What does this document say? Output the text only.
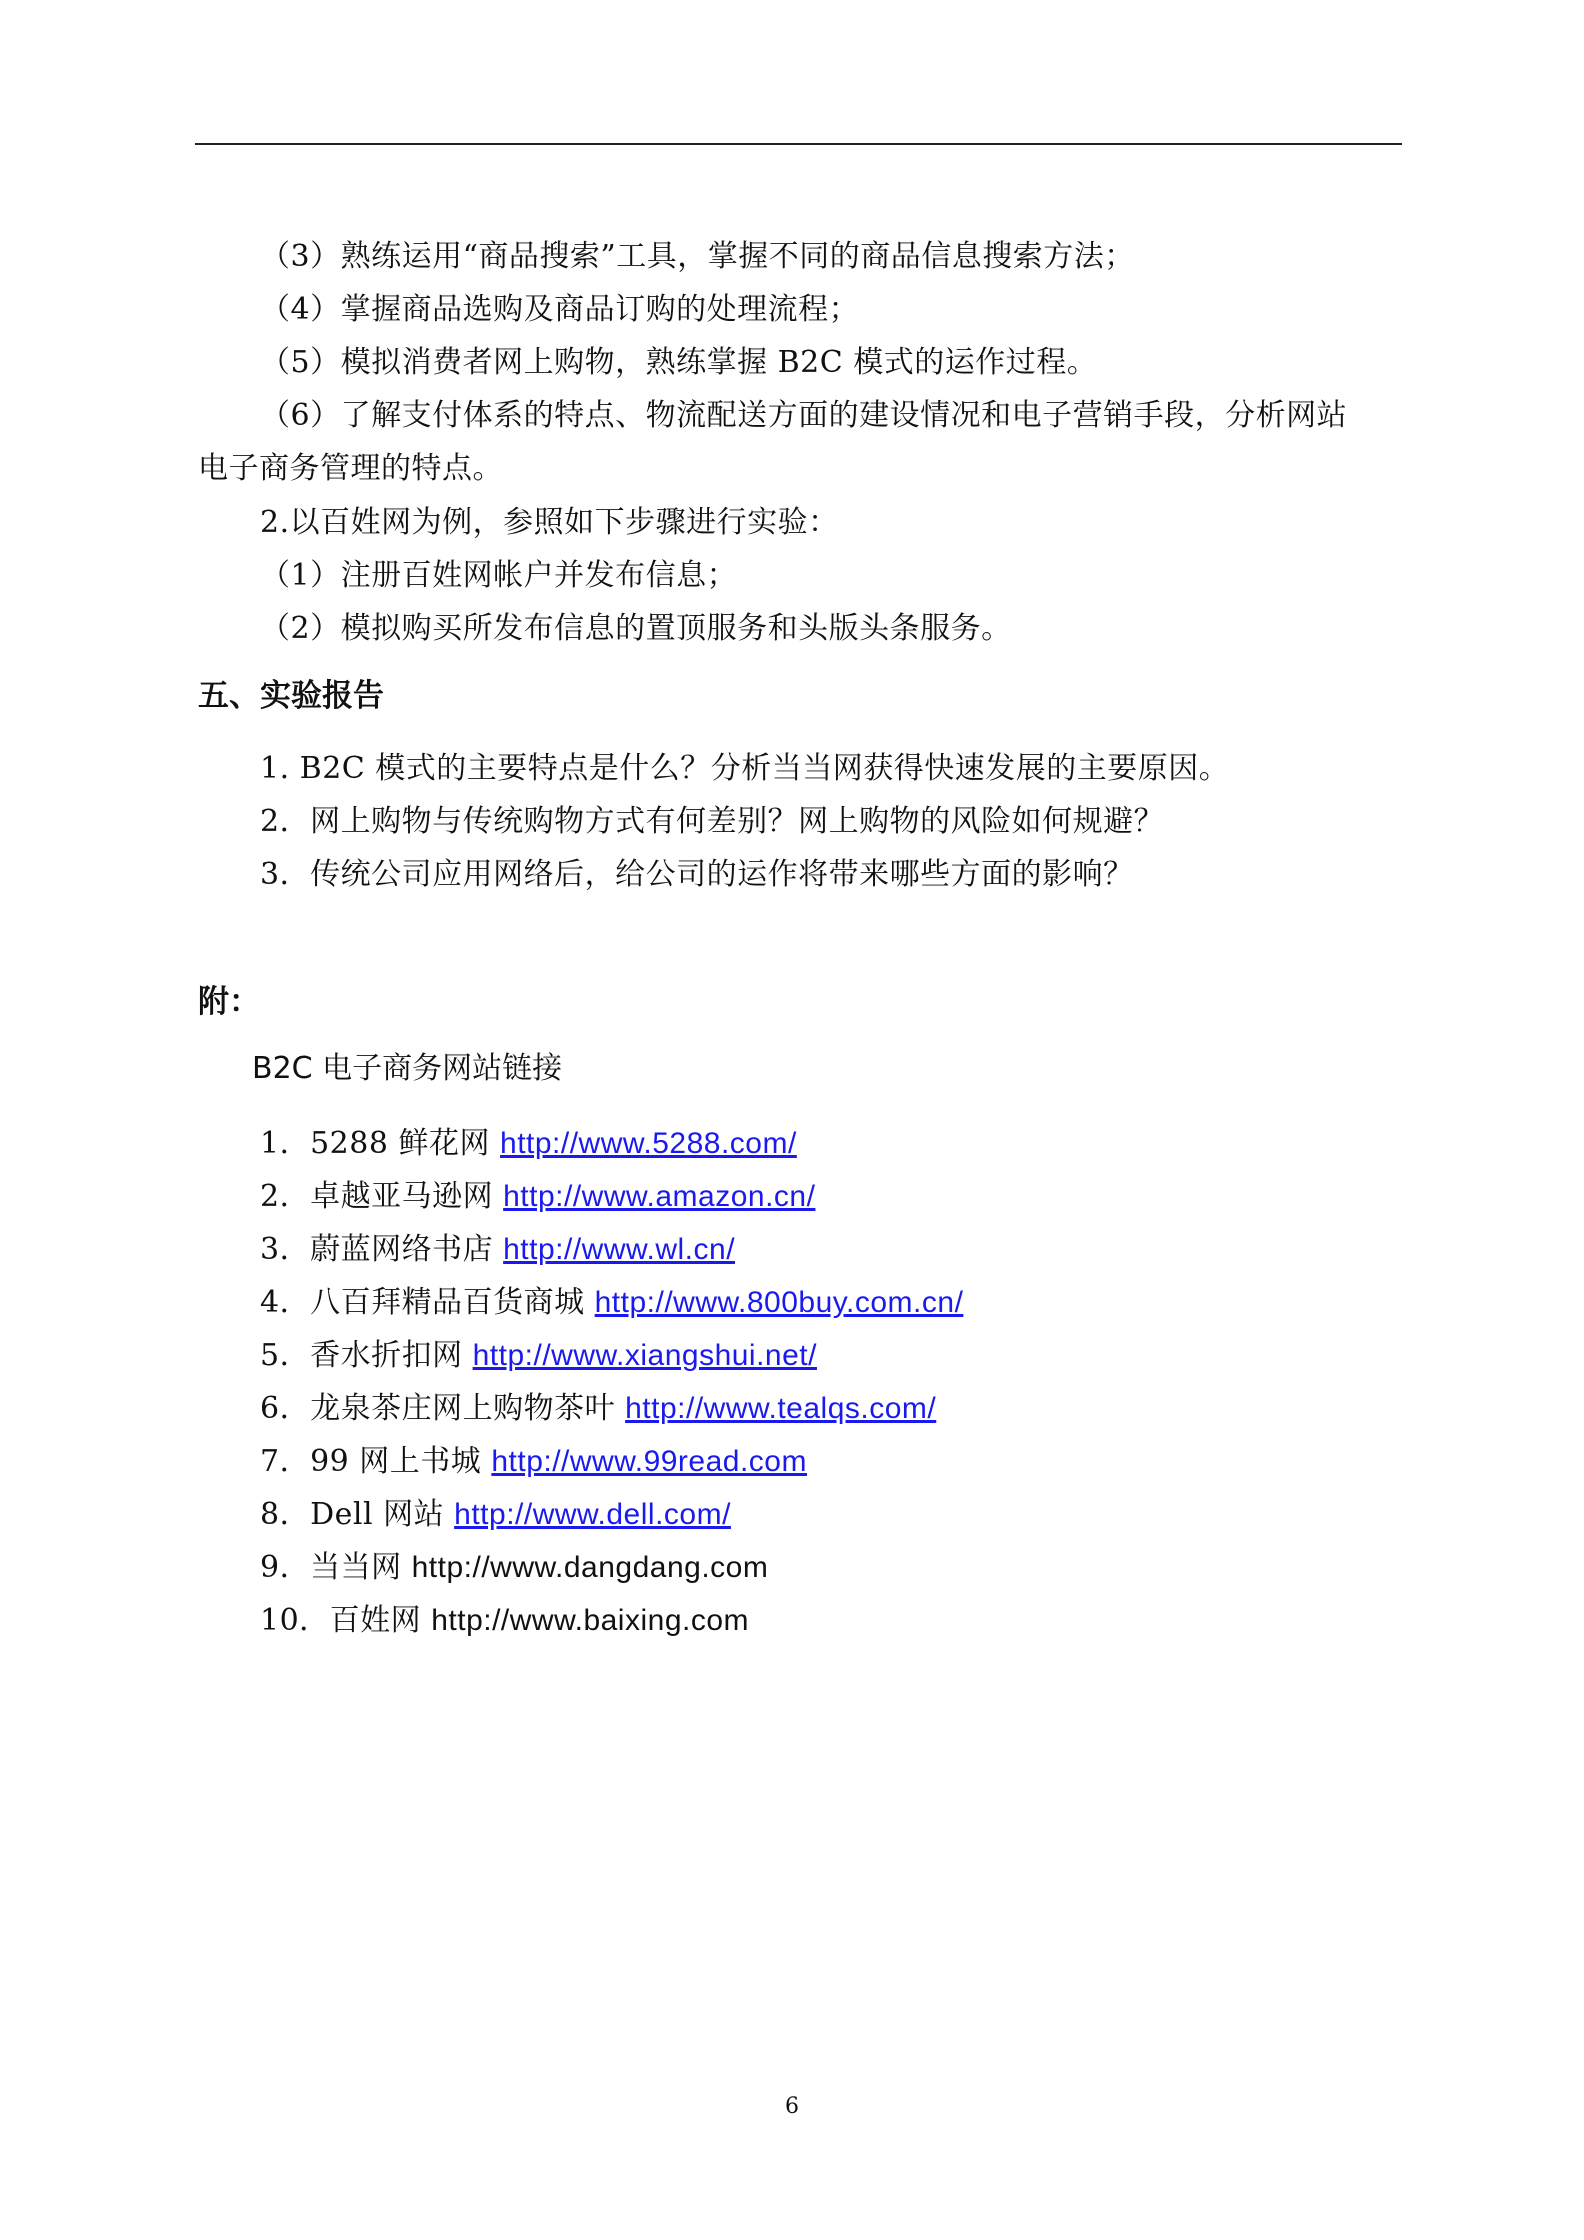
（3）熟练运用“商品搜索”工具，掌握不同的商品信息搜索方法；
（4）掌握商品选购及商品订购的处理流程；
（5）模拟消费者网上购物，熟练掌握 B2C 模式的运作过程。
（6）了解支付体系的特点、物流配送方面的建设情况和电子营销手段，分析网站
电子商务管理的特点。
2.以百姓网为例，参照如下步骤进行实验：
（1）注册百姓网帐户并发布信息；
（2）模拟购买所发布信息的置顶服务和头版头条服务。
五、实验报告
1. B2C 模式的主要特点是什么？分析当当网获得快速发展的主要原因。
2．网上购物与传统购物方式有何差别？网上购物的风险如何规避？
3．传统公司应用网络后，给公司的运作将带来哪些方面的影响？
附：
B2C 电子商务网站链接
1．5288 鲜花网 http://www.5288.com/
2．卓越亚马逊网 http://www.amazon.cn/
3．蔚蓝网络书店 http://www.wl.cn/
4．八百拜精品百货商城 http://www.800buy.com.cn/
5．香水折扣网 http://www.xiangshui.net/
6．龙泉茶庄网上购物茶叶 http://www.tealqs.com/
7．99 网上书城 http://www.99read.com
8．Dell 网站 http://www.dell.com/
9．当当网 http://www.dangdang.com
10．百姓网 http://www.baixing.com
6
